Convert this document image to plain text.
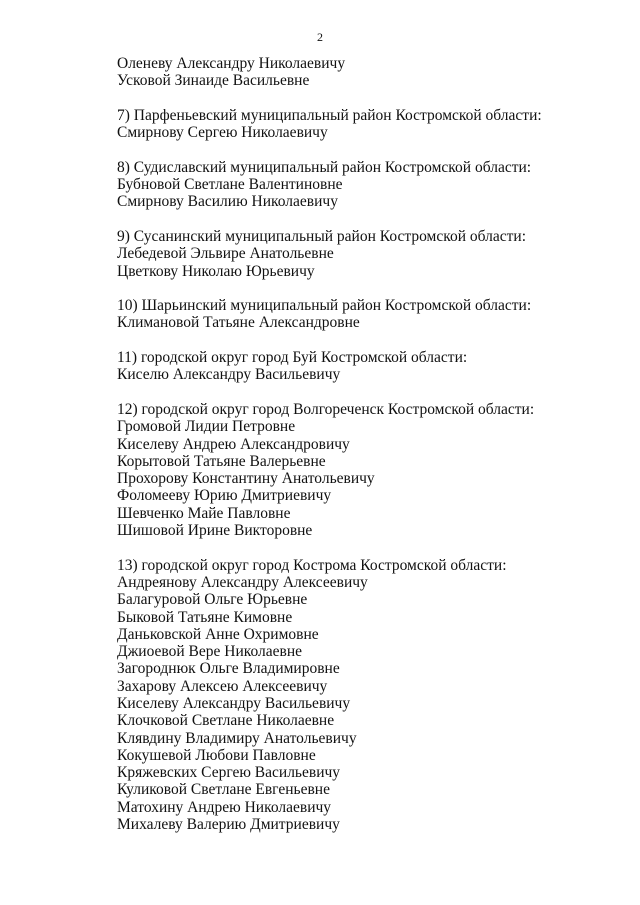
2
Оленеву Александру Николаевичу
Усковой Зинаиде Васильевне
7) Парфеньевский муниципальный район Костромской области:
Смирнову Сергею Николаевичу
8) Судиславский муниципальный район Костромской области:
Бубновой Светлане Валентиновне
Смирнову Василию Николаевичу
9) Сусанинский муниципальный район Костромской области:
Лебедевой Эльвире Анатольевне
Цветкову Николаю Юрьевичу
10) Шарьинский муниципальный район Костромской области:
Климановой Татьяне Александровне
11) городской округ город Буй Костромской области:
Киселю Александру Васильевичу
12) городской округ город Волгореченск Костромской области:
Громовой Лидии Петровне
Киселеву Андрею Александровичу
Корытовой Татьяне Валерьевне
Прохорову Константину Анатольевичу
Фоломееву Юрию Дмитриевичу
Шевченко Майе Павловне
Шишовой Ирине Викторовне
13) городской округ город Кострома Костромской области:
Андреянову Александру Алексеевичу
Балагуровой Ольге Юрьевне
Быковой Татьяне Кимовне
Даньковской Анне Охримовне
Джиоевой Вере Николаевне
Загороднюк Ольге Владимировне
Захарову Алексею Алексеевичу
Киселеву Александру Васильевичу
Клочковой Светлане Николаевне
Клявдину Владимиру Анатольевичу
Кокушевой Любови Павловне
Кряжевских Сергею Васильевичу
Куликовой Светлане Евгеньевне
Матохину Андрею Николаевичу
Михалеву Валерию Дмитриевичу
